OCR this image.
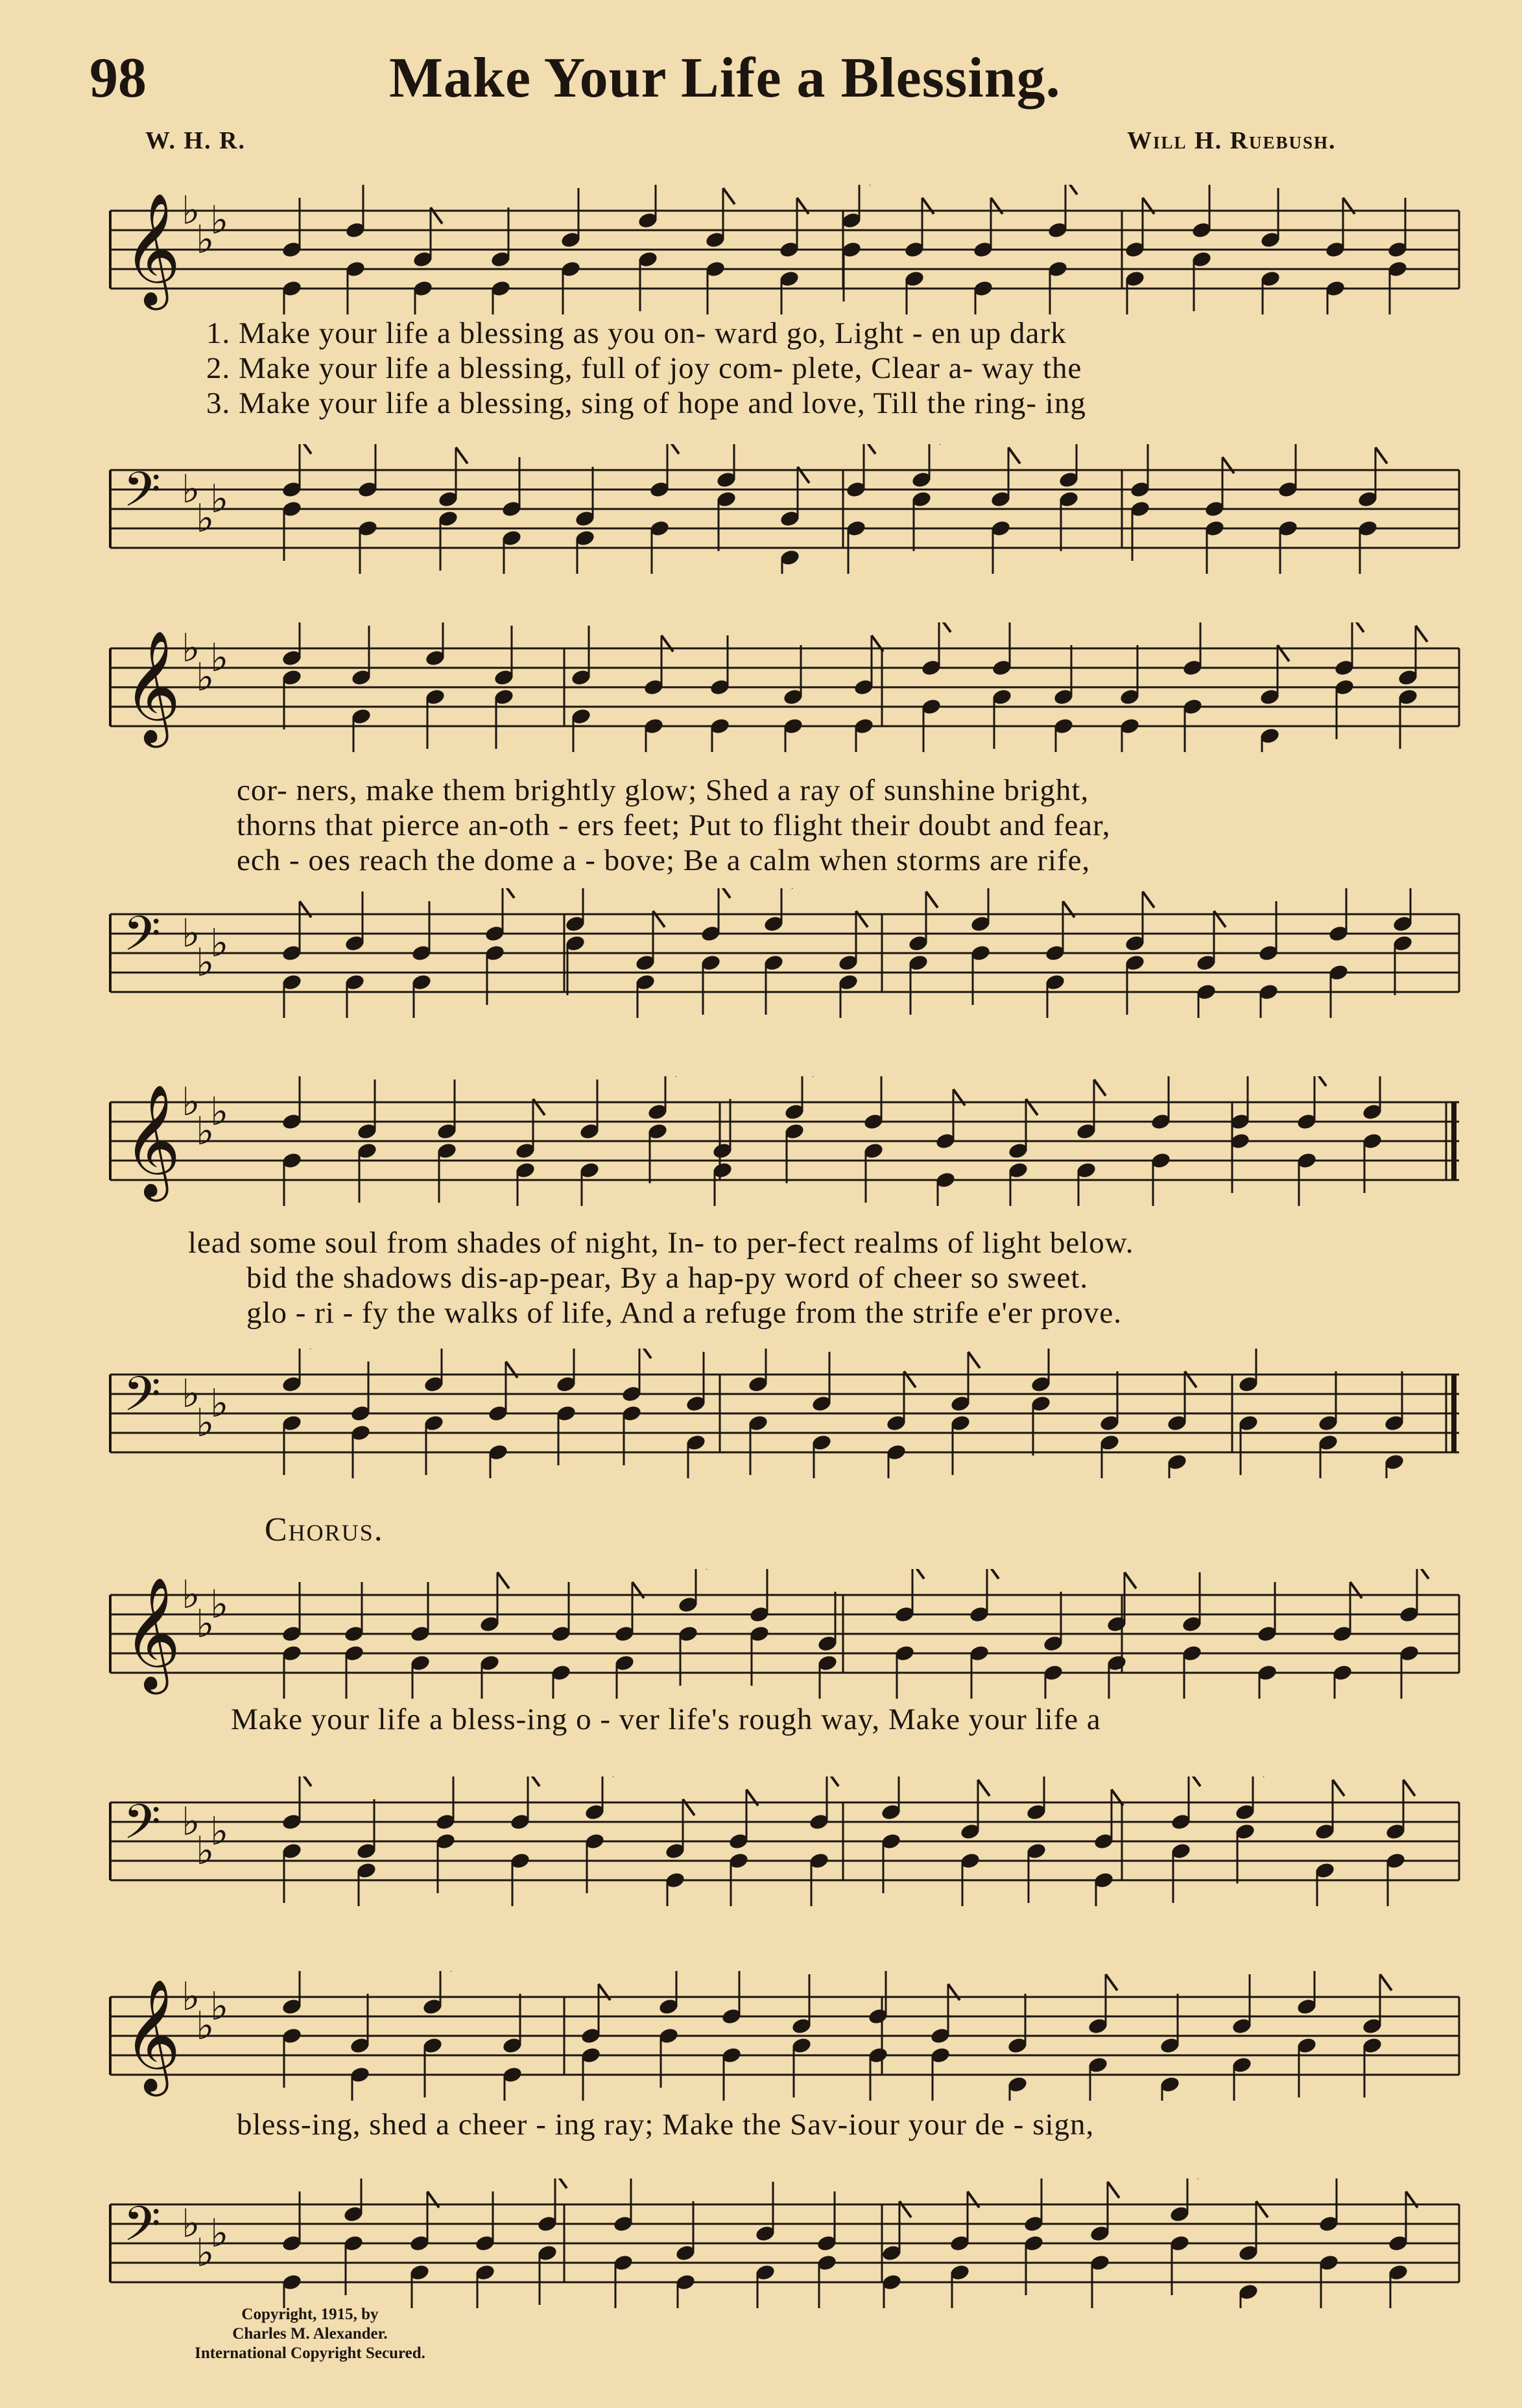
98	Make Your Life a Blessing.
W. H. R.	Will H. Ruebush.
𝄞 ♭
♭
♭
1. Make your life a blessing as you on- ward go, Light - en up dark
2. Make your life a blessing, full of joy com- plete, Clear a- way the
3. Make your life a blessing, sing of hope and love, Till the ring- ing
𝄢 ♭
♭
♭
𝄞 ♭
♭
♭
cor- ners, make them brightly glow; Shed a ray of sunshine bright,
thorns that pierce an-oth - ers feet; Put to flight their doubt and fear,
ech - oes reach the dome a - bove; Be a calm when storms are rife,
𝄢 ♭
♭
♭
𝄞 ♭
♭
♭
lead some soul from shades of night, In- to per-fect realms of light below.
bid the shadows dis-ap-pear, By a hap-py word of cheer so sweet.
glo - ri - fy the walks of life, And a refuge from the strife e'er prove.
𝄢 ♭
♭
♭
Chorus.
𝄞 ♭
♭
♭
Make your life a bless-ing o - ver life's rough way, Make your life a
𝄢 ♭
♭
♭
𝄞 ♭
♭
♭
bless-ing, shed a cheer - ing ray; Make the Sav-iour your de - sign,
𝄢 ♭
♭
♭
Copyright, 1915, by
Charles M. Alexander.
International Copyright Secured.
